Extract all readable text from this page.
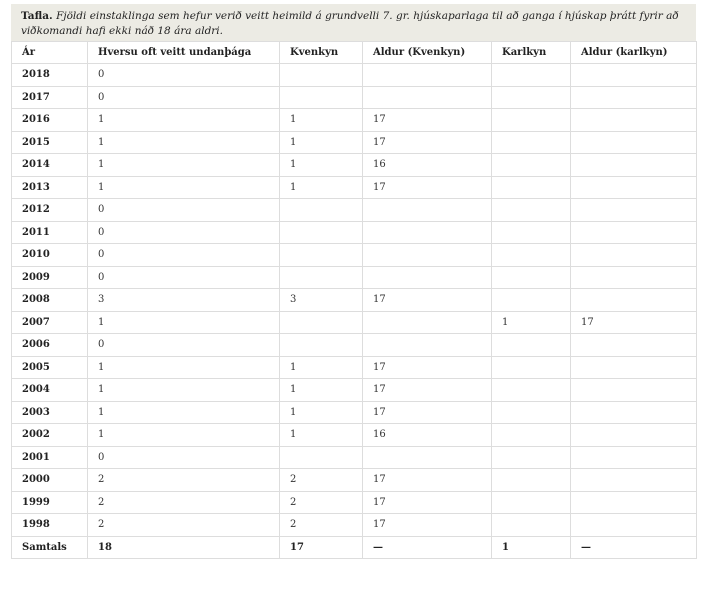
Tafla. Fjöldi einstaklinga sem hefur verið veitt heimild á grundvelli 7. gr. hjúskaparlaga til að ganga í hjúskap þrátt fyrir að viðkomandi hafi ekki náð 18 ára aldri.
Ár	Hversu oft veitt undanþága	Kvenkyn	Aldur (Kvenkyn)	Karlkyn	Aldur (karlkyn)
2018	0				
2017	0				
2016	1	1	17		
2015	1	1	17		
2014	1	1	16		
2013	1	1	17		
2012	0				
2011	0				
2010	0				
2009	0				
2008	3	3	17		
2007	1			1	17
2006	0				
2005	1	1	17		
2004	1	1	17		
2003	1	1	17		
2002	1	1	16		
2001	0				
2000	2	2	17		
1999	2	2	17		
1998	2	2	17		
Samtals	18	17	—	1	—
